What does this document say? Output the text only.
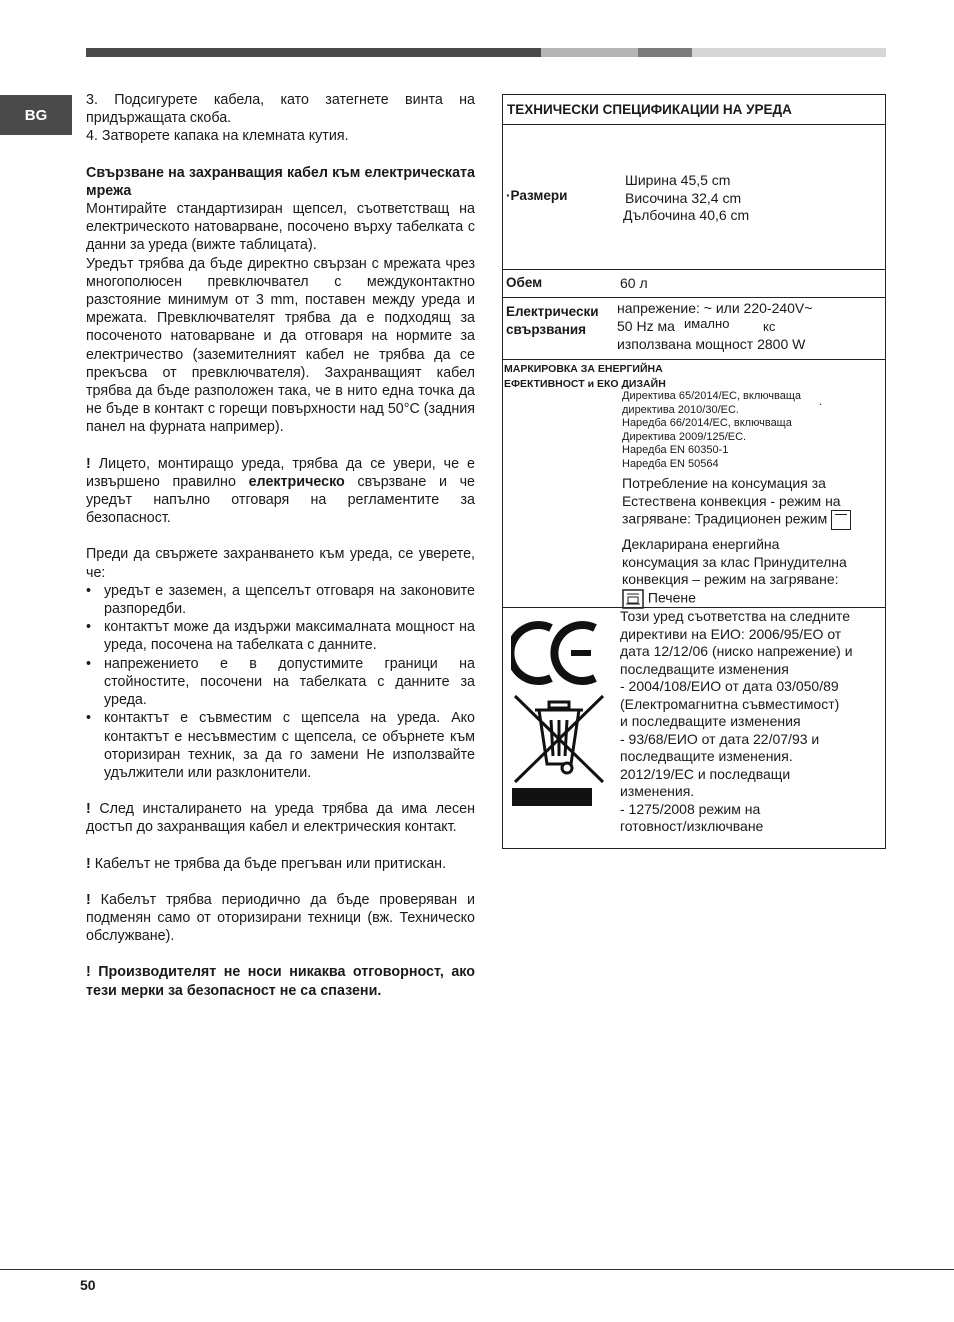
BG

3. Подсигурете кабела, като затегнете винта на придържащата скоба.

4. Затворете капака на клемната кутия.

Свързване на захранващия кабел към електрическата мрежа

Монтирайте стандартизиран щепсел, съответстващ на електрическото натоварване, посочено върху табелката с данни за уреда (вижте таблицата).

Уредът трябва да бъде директно свързан с мрежата чрез многополюсен превключвател с междуконтактно разстояние минимум от 3 mm, поставен между уреда и мрежата. Превключвателят трябва да е подходящ за посоченото натоварване и да отговаря на нормите за електричество (заземителният кабел не трябва да се прекъсва от превключвателя). Захранващият кабел трябва да бъде разположен така, че в нито една точка да не бъде в контакт с горещи повърхности над 50°C (задния панел на фурната например).

! Лицето, монтиращо уреда, трябва да се увери, че е извършено правилно електрическо свързване и че уредът напълно отговаря на регламентите за безопасност.

Преди да свържете захранването към уреда, се уверете, че:

• уредът е заземен, а щепселът отговаря на законовите разпоредби.
• контактът може да издържи максималната мощност на уреда, посочена на табелката с данните.
• напрежението е в допустимите граници на стойностите, посочени на табелката с данните за уреда.
• контактът е съвместим с щепсела на уреда. Ако контактът е несъвместим с щепсела, се обърнете към оторизиран техник, за да го замени Не използвайте удължители или разклонители.

! След инсталирането на уреда трябва да има лесен достъп до захранващия кабел и електрическия контакт.

! Кабелът не трябва да бъде прегъван или притискан.

! Кабелът трябва периодично да бъде проверяван и подменян само от оторизирани техници (вж. Техническо обслужване).

! Производителят не носи никаква отговорност, ако тези мерки за безопасност не са спазени.

ТЕХНИЧЕСКИ СПЕЦИФИКАЦИИ НА УРЕДА
·Размери
Ширина 45,5 cm
Височина 32,4 cm
Дълбочина 40,6 cm
Обем	60 л
Електрически
свързвания
напрежение: ~ или 220-240V~
50 Hz ма имално	кс
използвана мощност 2800 W
МАРКИРОВКА ЗА ЕНЕРГИЙНА
ЕФЕКТИВНОСТ и ЕКО ДИЗАЙН
Директива 65/2014/ЕС, включваща
директива 2010/30/ЕС.
Наредба 66/2014/ЕС, включваща
Директива 2009/125/ЕС.
Наредба EN 60350-1
Наредба EN 50564
.
Потребление на консумация за
Естествена конвекция - режим на
загряване: Традиционен режим
Декларирана енергийна
консумация за клас Принудителна
конвекция – режим на загряване:
Печене
Този уред съответства на следните
директиви на ЕИО: 2006/95/ЕО от
дата 12/12/06 (ниско напрежение) и
последващите изменения
- 2004/108/ЕИО от дата 03/050/89
(Електромагнитна съвместимост)
и последващите изменения
- 93/68/ЕИО от дата 22/07/93 и
последващите изменения.
2012/19/ЕС и последващи
изменения.
- 1275/2008 режим на
готовност/изключване
50
